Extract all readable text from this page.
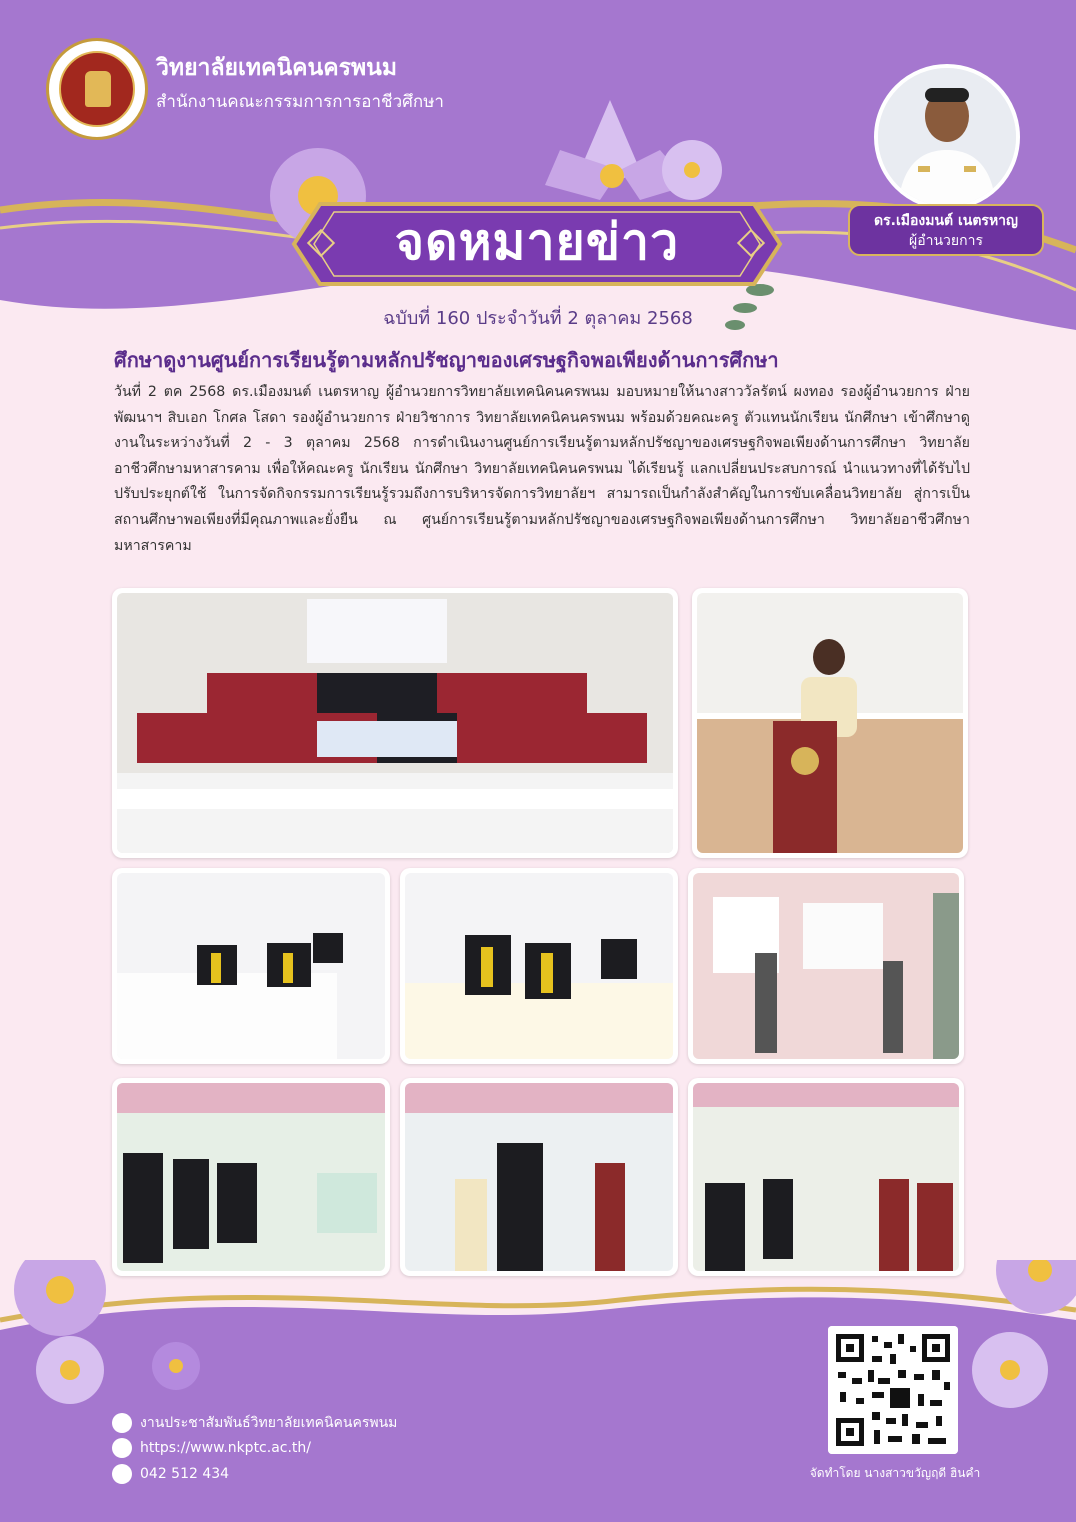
วิทยาลัยเทคนิคนครพนม
สำนักงานคณะกรรมการการอาชีวศึกษา
จดหมายข่าว
ฉบับที่ 160 ประจำวันที่ 2 ตุลาคม 2568
ดร.เมืองมนต์ เนตรหาญ
ผู้อำนวยการ
ศึกษาดูงานศูนย์การเรียนรู้ตามหลักปรัชญาของเศรษฐกิจพอเพียงด้านการศึกษา
วันที่ 2 ตค 2568 ดร.เมืองมนต์ เนตรหาญ ผู้อำนวยการวิทยาลัยเทคนิคนครพนม มอบหมายให้นางสาววัลรัตน์ ผงทอง รองผู้อำนวยการ ฝ่ายพัฒนาฯ สิบเอก โกศล โสดา รองผู้อำนวยการ ฝ่ายวิชาการ วิทยาลัยเทคนิคนครพนม พร้อมด้วยคณะครู ตัวแทนนักเรียน นักศึกษา เข้าศึกษาดูงานในระหว่างวันที่ 2 - 3 ตุลาคม 2568 การดำเนินงานศูนย์การเรียนรู้ตามหลักปรัชญาของเศรษฐกิจพอเพียงด้านการศึกษา วิทยาลัยอาชีวศึกษามหาสารคาม เพื่อให้คณะครู นักเรียน นักศึกษา วิทยาลัยเทคนิคนครพนม ได้เรียนรู้ แลกเปลี่ยนประสบการณ์ นำแนวทางที่ได้รับไปปรับประยุกต์ใช้ ในการจัดกิจกรรมการเรียนรู้รวมถึงการบริหารจัดการวิทยาลัยฯ สามารถเป็นกำลังสำคัญในการขับเคลื่อนวิทยาลัย สู่การเป็นสถานศึกษาพอเพียงที่มีคุณภาพและยั่งยืน ณ ศูนย์การเรียนรู้ตามหลักปรัชญาของเศรษฐกิจพอเพียงด้านการศึกษา วิทยาลัยอาชีวศึกษามหาสารคาม
งานประชาสัมพันธ์วิทยาลัยเทคนิคนครพนม
https://www.nkptc.ac.th/
042 512 434	จัดทำโดย นางสาวขวัญฤดี ฮินคำ
